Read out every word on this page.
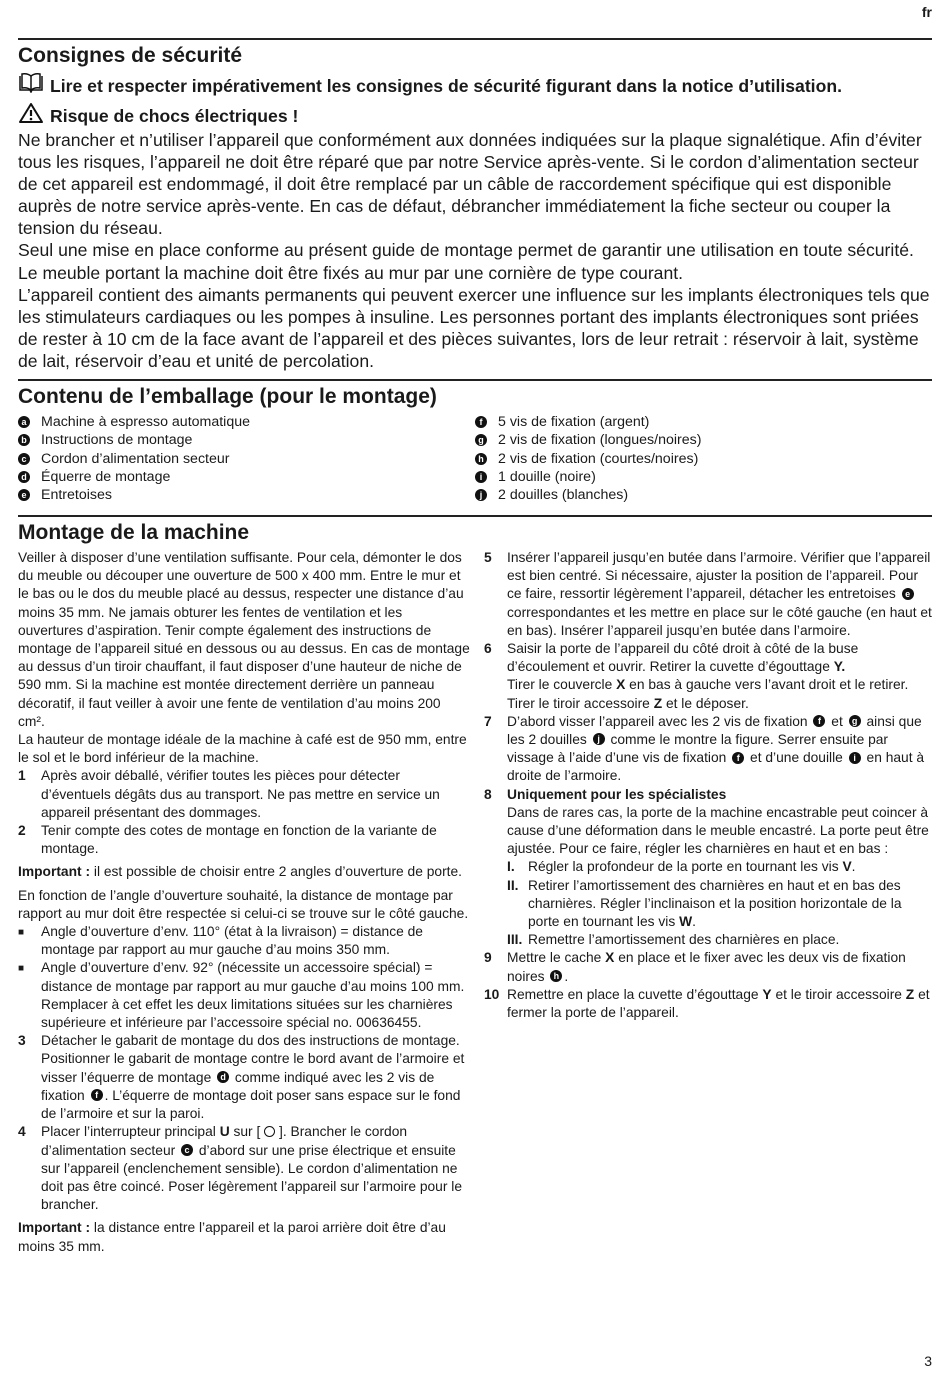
fr
Consignes de sécurité
Lire et respecter impérativement les consignes de sécurité figurant dans la notice d’utilisation.
Risque de chocs électriques !

Ne brancher et n’utiliser l’appareil que conformément aux données indiquées sur la plaque signalétique. Afin d’éviter tous les risques, l’appareil ne doit être réparé que par notre Service après-vente. Si le cordon d’alimentation secteur de cet appareil est endommagé, il doit être remplacé par un câble de raccordement spécifique qui est disponible auprès de notre service après-vente. En cas de défaut, débrancher immédiatement la fiche secteur ou couper la tension du réseau.

Seul une mise en place conforme au présent guide de montage permet de garantir une utilisation en toute sécurité. Le meuble portant la machine doit être fixés au mur par une cornière de type courant.

L’appareil contient des aimants permanents qui peuvent exercer une influence sur les implants électroniques tels que les stimulateurs cardiaques ou les pompes à insuline. Les personnes portant des implants électroniques sont priées de rester à 10 cm de la face avant de l’appareil et des pièces suivantes, lors de leur retrait : réservoir à lait, système de lait, réservoir d’eau et unité de percolation.

Contenu de l’emballage (pour le montage)
a Machine à espresso automatique
b Instructions de montage
c Cordon d’alimentation secteur
d Équerre de montage
e Entretoises
f	5 vis de fixation (argent)
g 2 vis de fixation (longues/noires)
h 2 vis de fixation (courtes/noires)
i	1 douille (noire)
j	2 douilles (blanches)
Montage de la machine

Veiller à disposer d’une ventilation suffisante. Pour cela, démonter le dos du meuble ou découper une ouverture de 500 x 400 mm. Entre le mur et le bas ou le dos du meuble placé au dessus, respecter une distance d’au moins 35 mm. Ne jamais obturer les fentes de ventilation et les ouvertures d’aspiration. Tenir compte également des instructions de montage de l’appareil situé en dessous ou au dessus. En cas de montage au dessus d’un tiroir chauffant, il faut disposer d’une hauteur de niche de 590 mm. Si la machine est montée directement derrière un panneau décoratif, il faut veiller à avoir une fente de ventilation d’au moins 200 cm².

La hauteur de montage idéale de la machine à café est de 950 mm, entre le sol et le bord inférieur de la machine.

1	Après avoir déballé, vérifier toutes les pièces pour détecter d’éventuels dégâts dus au transport. Ne pas mettre en service un appareil présentant des dommages.
2	Tenir compte des cotes de montage en fonction de la variante de montage.

Important : il est possible de choisir entre 2 angles d’ouverture de porte.

En fonction de l’angle d’ouverture souhaité, la distance de montage par rapport au mur doit être respectée si celui-ci se trouve sur le côté gauche.

■	Angle d’ouverture d’env. 110° (état à la livraison) = distance de montage par rapport au mur gauche d’au moins 350 mm.
■	Angle d’ouverture d’env. 92° (nécessite un accessoire spécial) = distance de montage par rapport au mur gauche d’au moins 100 mm. Remplacer à cet effet les deux limitations situées sur les charnières supérieure et inférieure par l’accessoire spécial no. 00636455.
3	Détacher le gabarit de montage du dos des instructions de montage. Positionner le gabarit de montage contre le bord avant de l’armoire et visser l’équerre de montage d comme indiqué avec les 2 vis de fixation f . L’équerre de montage doit poser sans espace sur le fond de l’armoire et sur la paroi.
4	Placer l’interrupteur principal U sur [  ]. Brancher le cordon d’alimentation secteur c d’abord sur une prise électrique et ensuite sur l’appareil (enclenchement sensible). Le cordon d’alimentation ne doit pas être coincé. Poser légèrement l’appareil sur l’armoire pour le brancher.

Important : la distance entre l’appareil et la paroi arrière doit être d’au moins 35 mm.

5	Insérer l’appareil jusqu’en butée dans l’armoire. Vérifier que l’appareil est bien centré. Si nécessaire, ajuster la position de l’appareil. Pour ce faire, ressortir légèrement l’appareil, détacher les entretoises e correspondantes et les mettre en place sur le côté gauche (en haut et en bas). Insérer l’appareil jusqu’en butée dans l’armoire.
6	Saisir la porte de l’appareil du côté droit à côté de la buse d’écoulement et ouvrir. Retirer la cuvette d’égouttage Y.
Tirer le couvercle X en bas à gauche vers l’avant droit et le retirer. Tirer le tiroir accessoire Z et le déposer.
7	D’abord visser l’appareil avec les 2 vis de fixation f et g ainsi que les 2 douilles j comme le montre la figure. Serrer ensuite par vissage à l’aide d’une vis de fixation f et d’une douille i en haut à droite de l’armoire.
8	Uniquement pour les spécialistes
Dans de rares cas, la porte de la machine encastrable peut coincer à cause d’une déformation dans le meuble encastré. La porte peut être ajustée. Pour ce faire, régler les charnières en haut et en bas :
I. Régler la profondeur de la porte en tournant les vis V.
II. Retirer l’amortissement des charnières en haut et en bas des charnières. Régler l’inclinaison et la position horizontale de la porte en tournant les vis W.
III. Remettre l’amortissement des charnières en place.
9	Mettre le cache X en place et le fixer avec les deux vis de fixation noires h .
10 Remettre en place la cuvette d’égouttage Y et le tiroir accessoire Z et fermer la porte de l’appareil.
3
